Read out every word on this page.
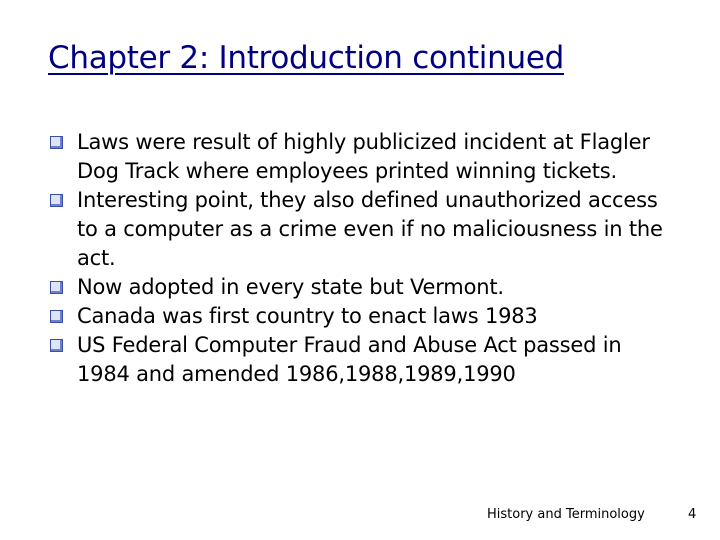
Chapter 2: Introduction continued
Laws were result of highly publicized incident at Flagler Dog Track where employees printed winning tickets.
Interesting point, they also defined unauthorized access to a computer as a crime even if no maliciousness in the act.
Now adopted in every state but Vermont.
Canada was first country to enact laws 1983
US Federal Computer Fraud and Abuse Act passed in 1984 and amended 1986,1988,1989,1990
History and Terminology	4
